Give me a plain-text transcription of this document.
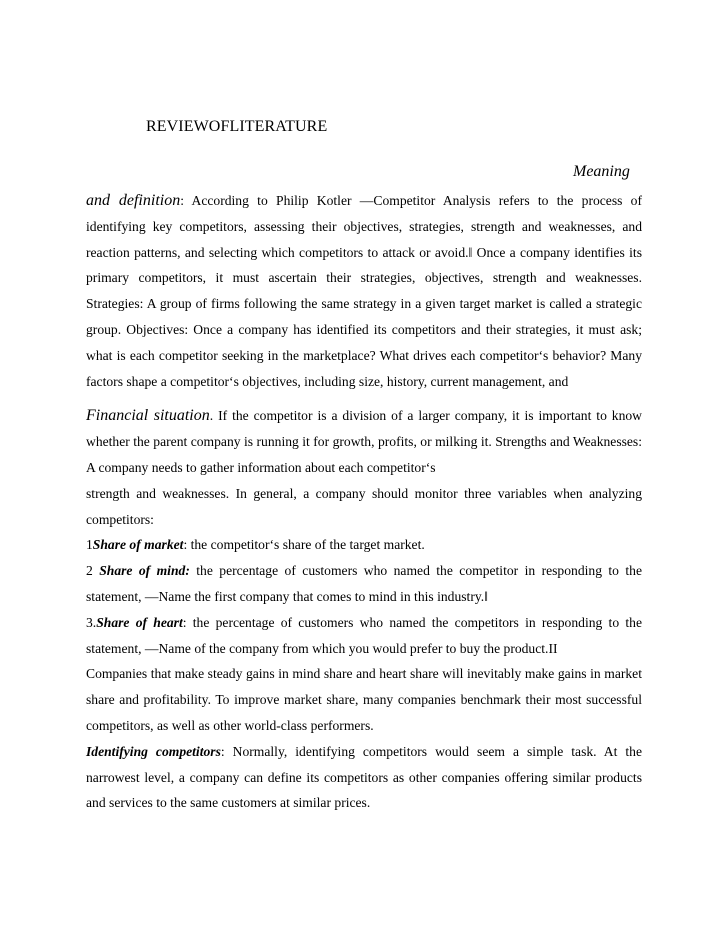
REVIEWOFLITERATURE
Meaning

and definition: According to Philip Kotler —Competitor Analysis refers to the process of identifying key competitors, assessing their objectives, strategies, strength and weaknesses, and reaction patterns, and selecting which competitors to attack or avoid.‖ Once a company identifies its primary competitors, it must ascertain their strategies, objectives, strength and weaknesses. Strategies: A group of firms following the same strategy in a given target market is called a strategic group. Objectives: Once a company has identified its competitors and their strategies, it must ask; what is each competitor seeking in the marketplace? What drives each competitor‘s behavior? Many factors shape a competitor‘s objectives, including size, history, current management, and

Financial situation. If the competitor is a division of a larger company, it is important to know whether the parent company is running it for growth, profits, or milking it. Strengths and Weaknesses: A company needs to gather information about each competitor‘s

strength and weaknesses. In general, a company should monitor three variables when analyzing competitors:

1Share of market: the competitor‘s share of the target market.

2 Share of mind: the percentage of customers who named the competitor in responding to the statement, —Name the first company that comes to mind in this industry.‖

3.Share of heart: the percentage of customers who named the competitors in responding to the statement, —Name of the company from which you would prefer to buy the product.II

Companies that make steady gains in mind share and heart share will inevitably make gains in market share and profitability. To improve market share, many companies benchmark their most successful competitors, as well as other world-class performers.

Identifying competitors: Normally, identifying competitors would seem a simple task. At the narrowest level, a company can define its competitors as other companies offering similar products and services to the same customers at similar prices.
